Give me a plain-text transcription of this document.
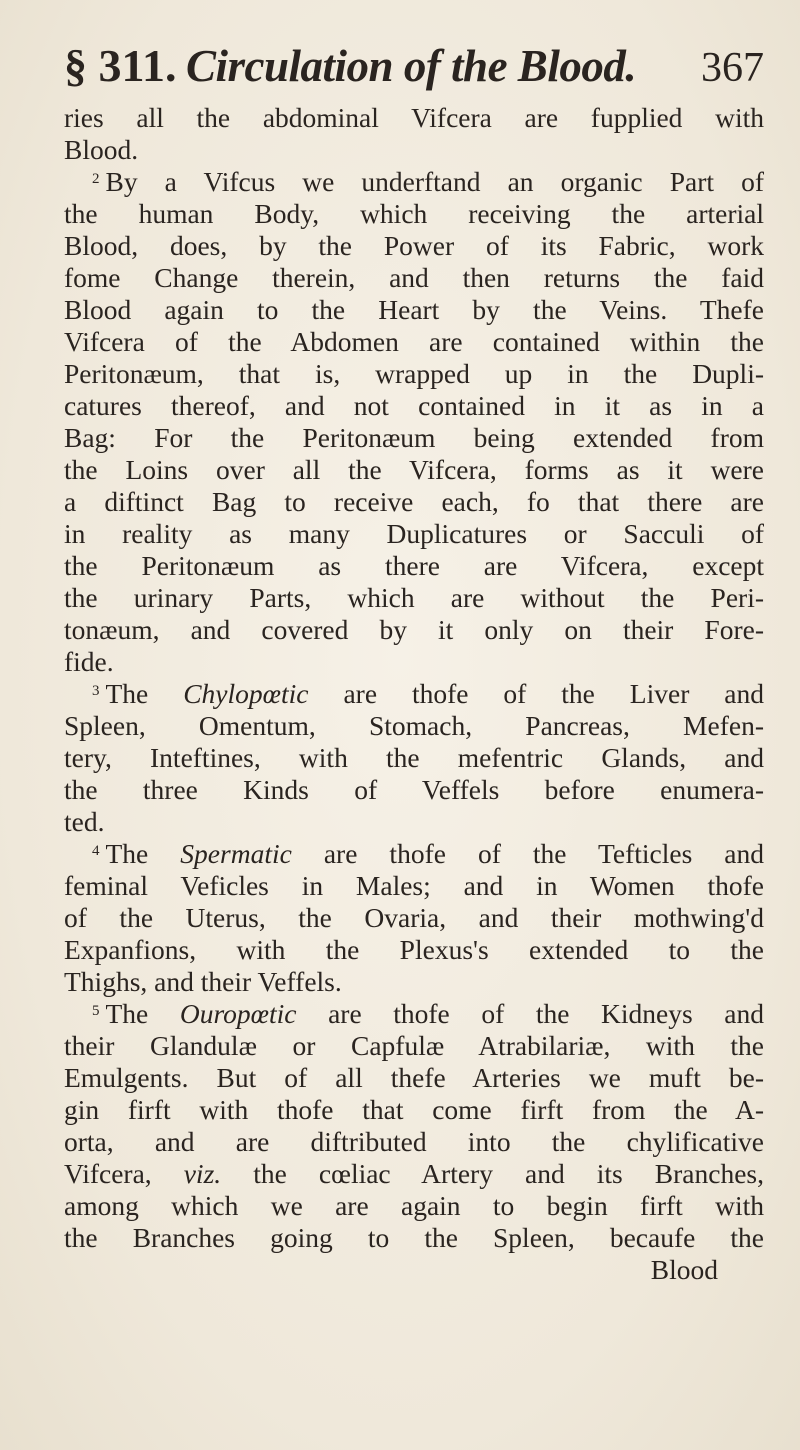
§ 311. Circulation of the Blood. 367
ries all the abdominal Vifcera are fupplied with
Blood.
$^2$ By a Vifcus we underftand an organic Part of
the human Body, which receiving the arterial
Blood, does, by the Power of its Fabric, work
fome Change therein, and then returns the faid
Blood again to the Heart by the Veins. Thefe
Vifcera of the Abdomen are contained within the
Peritonæum, that is, wrapped up in the Dupli-
catures thereof, and not contained in it as in a
Bag: For the Peritonæum being extended from
the Loins over all the Vifcera, forms as it were
a diftinct Bag to receive each, fo that there are
in reality as many Duplicatures or Sacculi of
the Peritonæum as there are Vifcera, except
the urinary Parts, which are without the Peri-
tonæum, and covered by it only on their Fore-
fide.
$^3$ The Chylopœtic are thofe of the Liver and
Spleen, Omentum, Stomach, Pancreas, Mefen-
tery, Inteftines, with the mefentric Glands, and
the three Kinds of Veffels before enumera-
ted.
$^4$ The Spermatic are thofe of the Tefticles and
feminal Veficles in Males; and in Women thofe
of the Uterus, the Ovaria, and their mothwing'd
Expanfions, with the Plexus's extended to the
Thighs, and their Veffels.
$^5$ The Ouropœtic are thofe of the Kidneys and
their Glandulæ or Capfulæ Atrabilariæ, with the
Emulgents. But of all thefe Arteries we muft be-
gin firft with thofe that come firft from the A-
orta, and are diftributed into the chylificative
Vifcera, viz. the cœliac Artery and its Branches,
among which we are again to begin firft with
the Branches going to the Spleen, becaufe the
Blood
